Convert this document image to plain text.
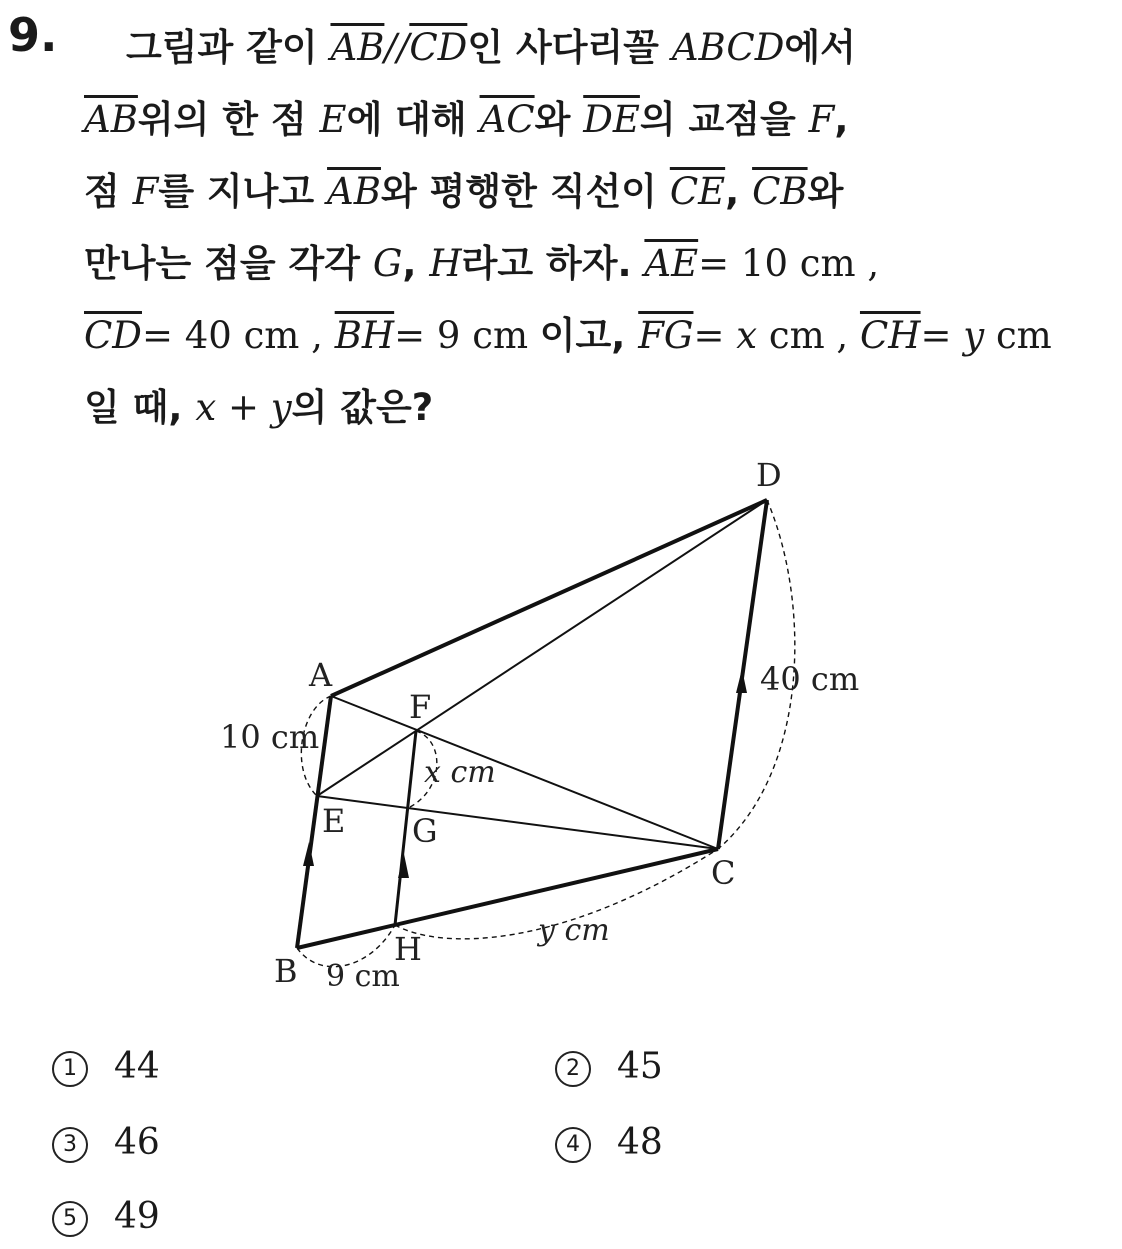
9.	그림과 같이 $\overline{AB}//\overline{CD}$인 사다리꼴 ABCD에서
$\overline{AB}$위의 한 점 E에 대해 $\overline{AC}$와 $\overline{DE}$의 교점을 F,
점 F를 지나고 $\overline{AB}$와 평행한 직선이 $\overline{CE}$, $\overline{CB}$와
만나는 점을 각각 G, H라고 하자. $\overline{AE}= 10$ cm ,
$\overline{CD}= 40$ cm , $\overline{BH}= 9$ cm 이고, $\overline{FG}= x$ cm , $\overline{CH}= y$ cm
일 때, x + y의 값은?
A
B
C
D
E
F
G
H
10 cm
40 cm
x cm
9 cm
y cm
1 44	2 45
3 46	4 48
5 49
